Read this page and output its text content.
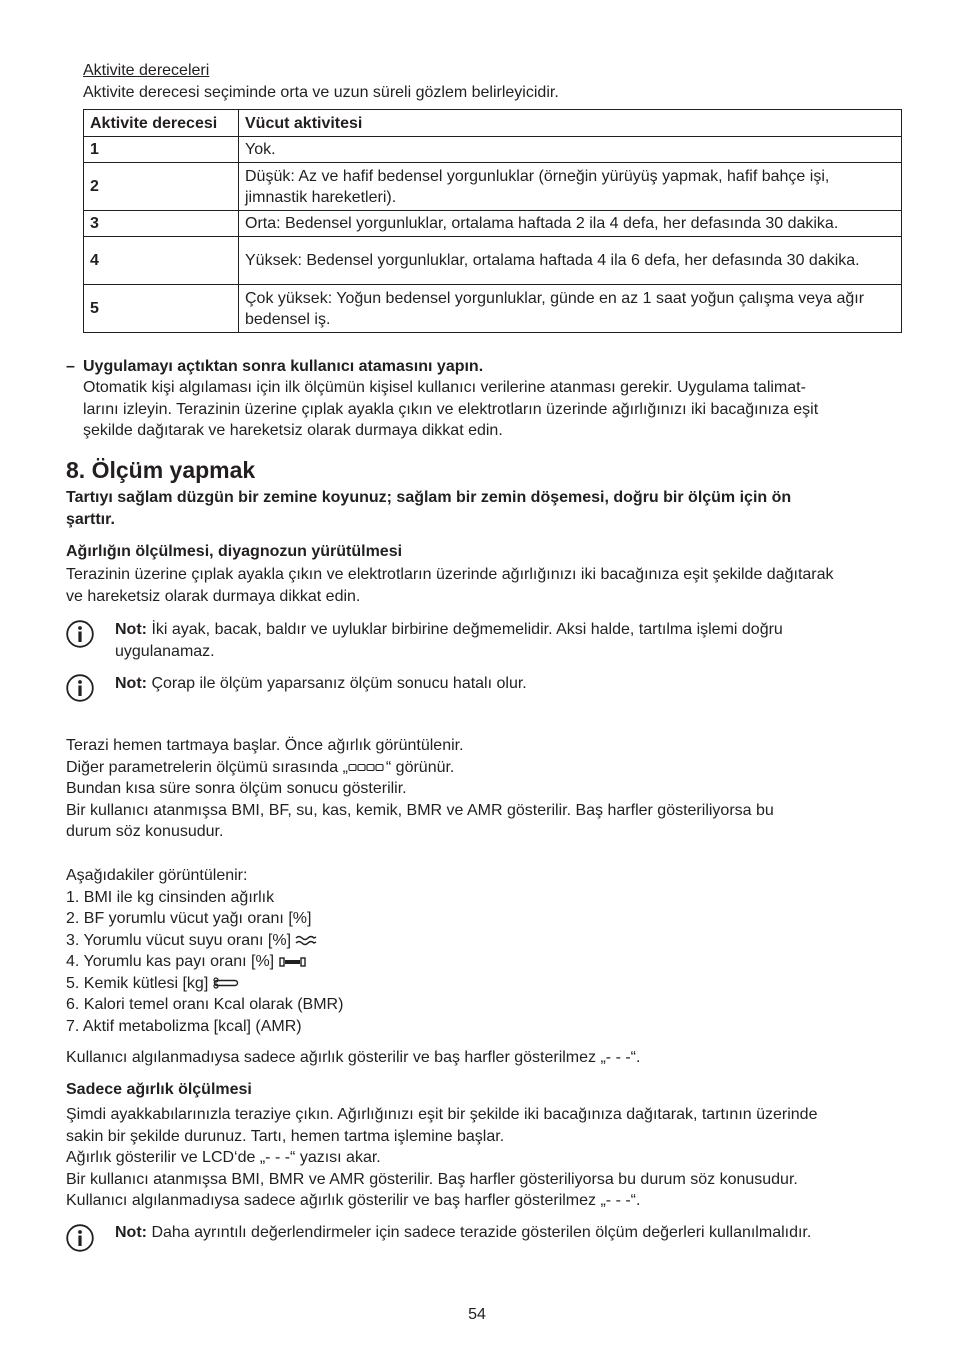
Aktivite dereceleri

Aktivite derecesi seçiminde orta ve uzun süreli gözlem belirleyicidir.

Aktivite derecesi	Vücut aktivitesi
1	Yok.
2	Düşük: Az ve hafif bedensel yorgunluklar (örneğin yürüyüş yapmak, hafif bahçe işi, jimnastik hareketleri).
3	Orta: Bedensel yorgunluklar, ortalama haftada 2 ila 4 defa, her defasında 30 dakika.
4	Yüksek: Bedensel yorgunluklar, ortalama haftada 4 ila 6 defa, her defasında 30 dakika.
5	Çok yüksek: Yoğun bedensel yorgunluklar, günde en az 1 saat yoğun çalışma veya ağır bedensel iş.

– Uygulamayı açtıktan sonra kullanıcı atamasını yapın.

Otomatik kişi algılaması için ilk ölçümün kişisel kullanıcı verilerine atanması gerekir. Uygulama talimat-
larını izleyin. Terazinin üzerine çıplak ayakla çıkın ve elektrotların üzerinde ağırlığınızı iki bacağınıza eşit
şekilde dağıtarak ve hareketsiz olarak durmaya dikkat edin.
8. Ölçüm yapmak
Tartıyı sağlam düzgün bir zemine koyunuz; sağlam bir zemin döşemesi, doğru bir ölçüm için ön
şarttır.

Ağırlığın ölçülmesi, diyagnozun yürütülmesi

Terazinin üzerine çıplak ayakla çıkın ve elektrotların üzerinde ağırlığınızı iki bacağınıza eşit şekilde dağıtarak
ve hareketsiz olarak durmaya dikkat edin.
Not: İki ayak, bacak, baldır ve uyluklar birbirine değmemelidir. Aksi halde, tartılma işlemi doğru
uygulanamaz.
Not: Çorap ile ölçüm yaparsanız ölçüm sonucu hatalı olur.
Terazi hemen tartmaya başlar. Önce ağırlık görüntülenir.
Diğer parametrelerin ölçümü sırasında „ “ görünür.
Bundan kısa süre sonra ölçüm sonucu gösterilir.
Bir kullanıcı atanmışsa BMI, BF, su, kas, kemik, BMR ve AMR gösterilir. Baş harfler gösteriliyorsa bu
durum söz konusudur.
Aşağıdakiler görüntülenir:
1. BMI ile kg cinsinden ağırlık
2. BF yorumlu vücut yağı oranı [%]
3. Yorumlu vücut suyu oranı [%]
4. Yorumlu kas payı oranı [%]
5. Kemik kütlesi [kg]
6. Kalori temel oranı Kcal olarak (BMR)
7. Aktif metabolizma [kcal] (AMR)

Kullanıcı algılanmadıysa sadece ağırlık gösterilir ve baş harfler gösterilmez „- - -“.

Sadece ağırlık ölçülmesi

Şimdi ayakkabılarınızla teraziye çıkın. Ağırlığınızı eşit bir şekilde iki bacağınıza dağıtarak, tartının üzerinde
sakin bir şekilde durunuz. Tartı, hemen tartma işlemine başlar.
Ağırlık gösterilir ve LCD‘de „- - -“ yazısı akar.
Bir kullanıcı atanmışsa BMI, BMR ve AMR gösterilir. Baş harfler gösteriliyorsa bu durum söz konusudur.
Kullanıcı algılanmadıysa sadece ağırlık gösterilir ve baş harfler gösterilmez „- - -“.
Not: Daha ayrıntılı değerlendirmeler için sadece terazide gösterilen ölçüm değerleri kullanılmalıdır.

54
